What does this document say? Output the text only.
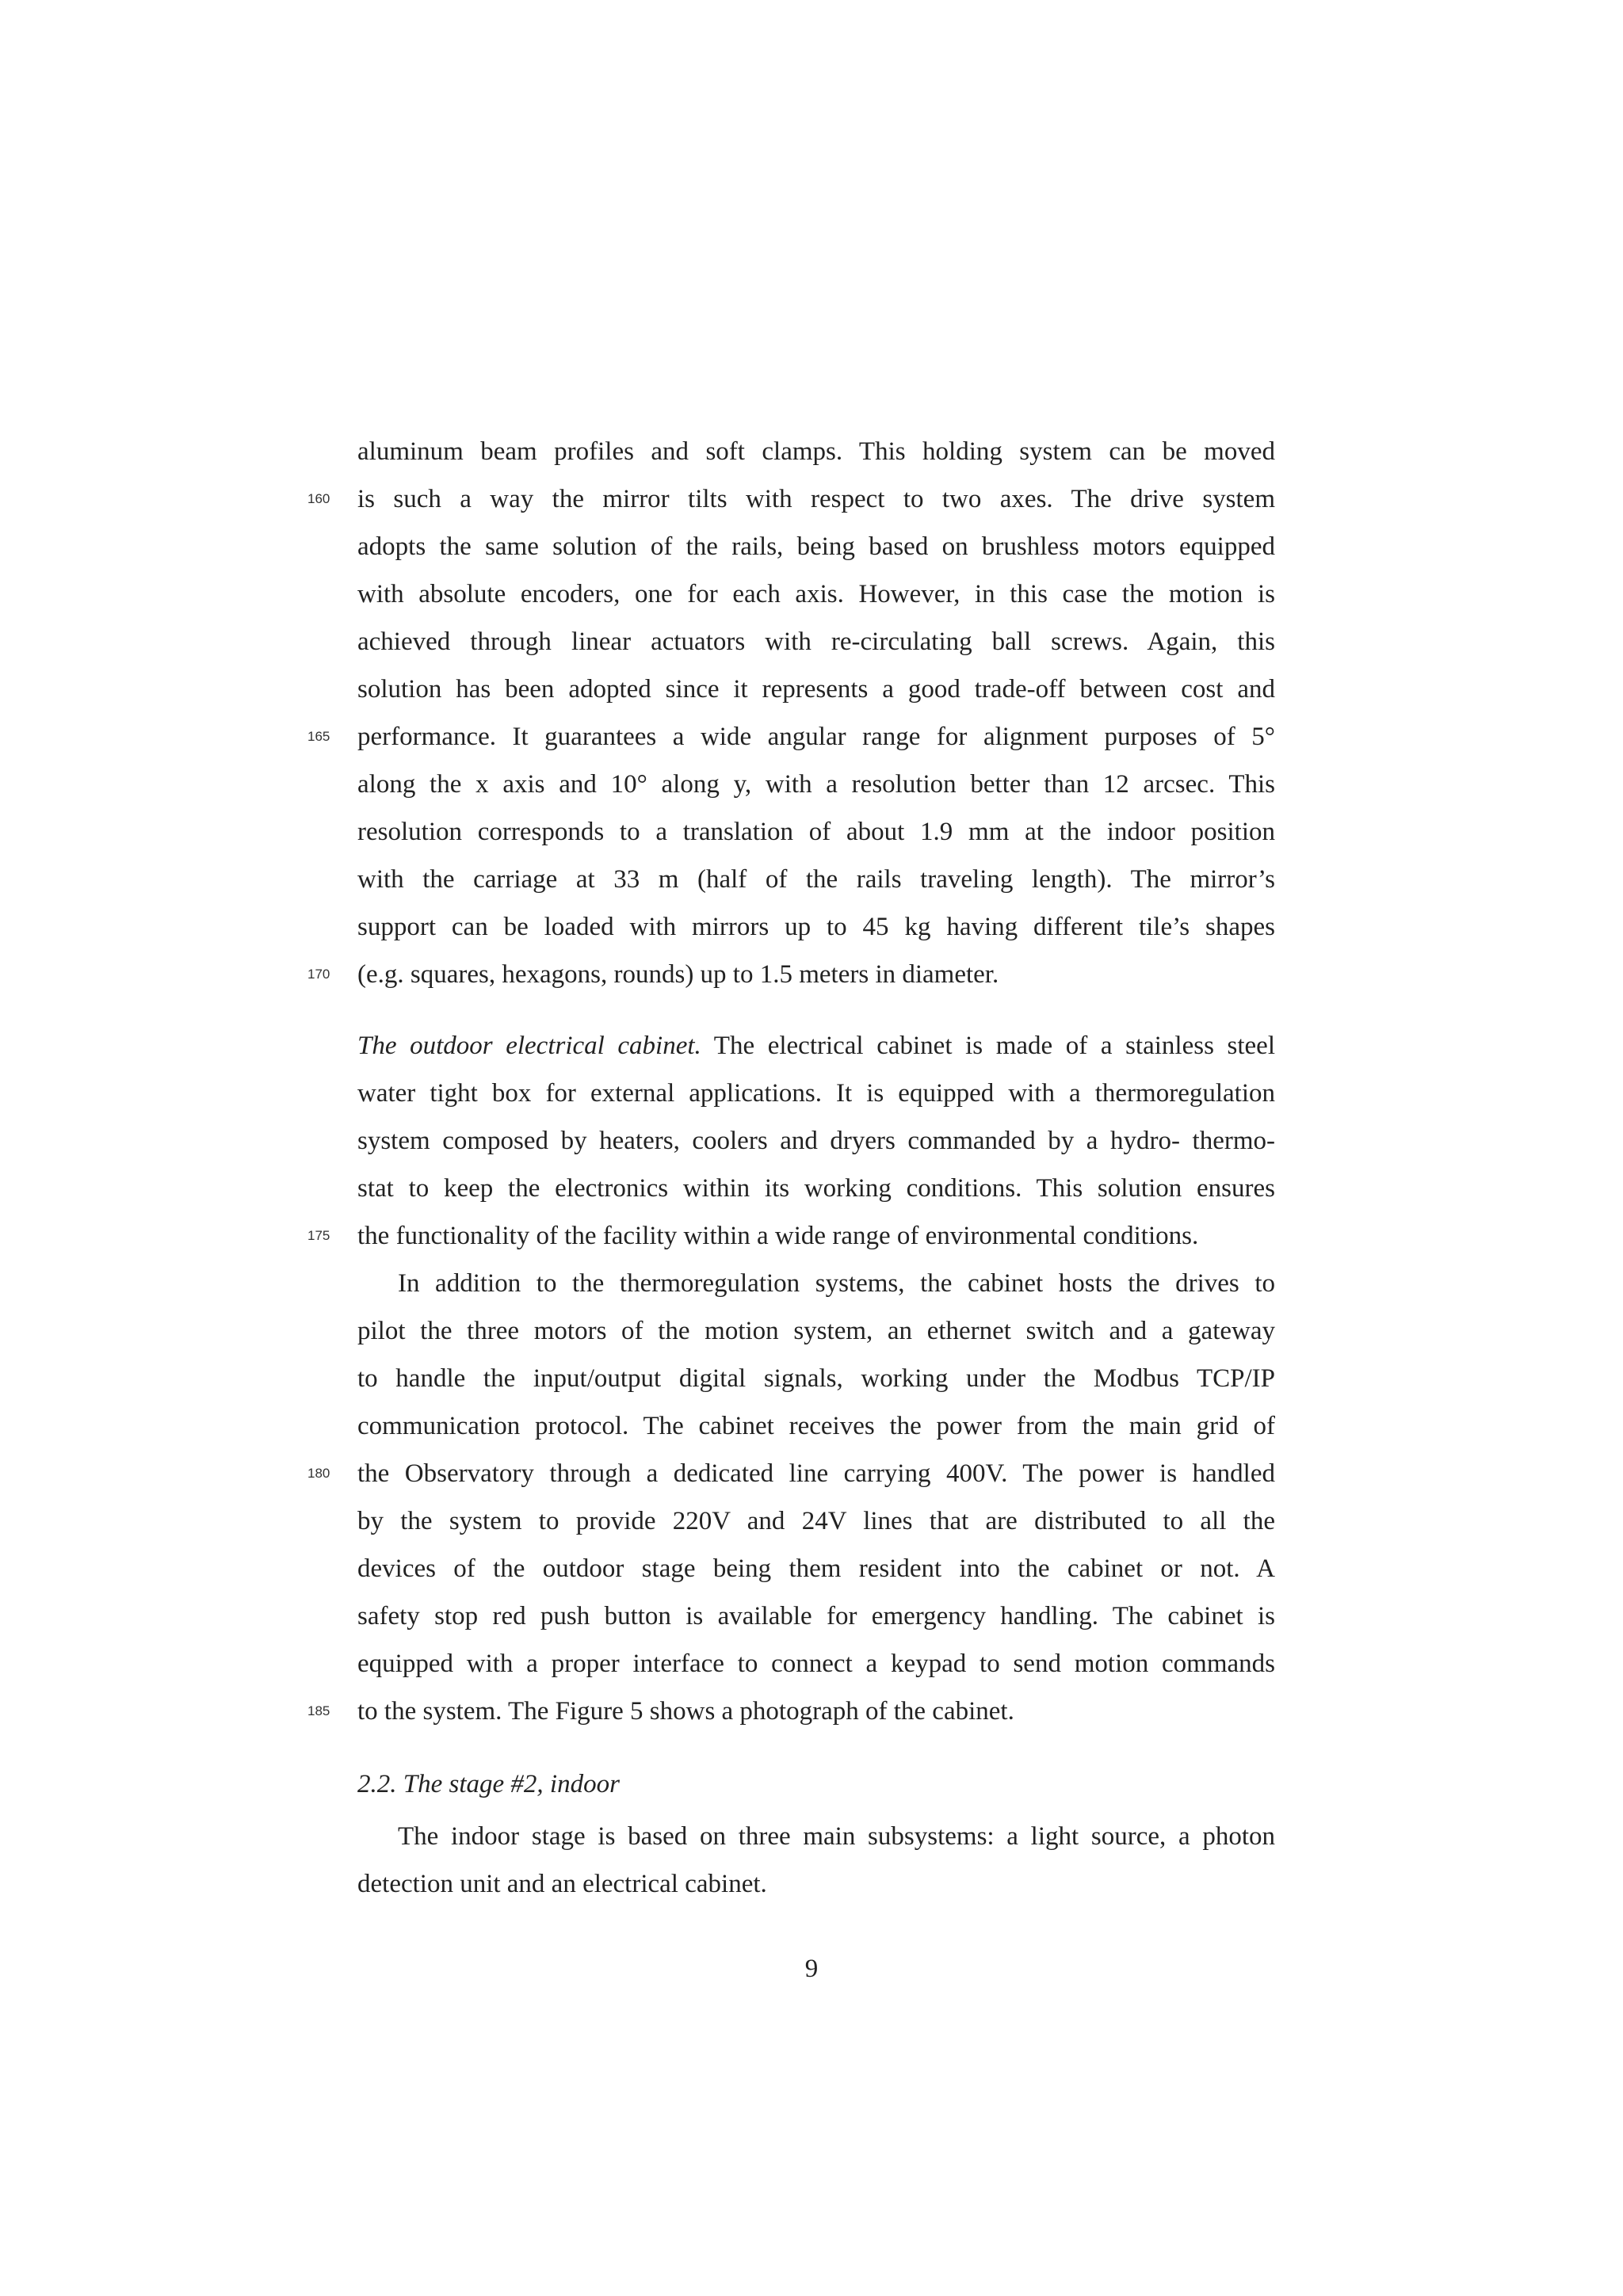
aluminum beam profiles and soft clamps. This holding system can be moved
160	is such a way the mirror tilts with respect to two axes. The drive system
adopts the same solution of the rails, being based on brushless motors equipped
with absolute encoders, one for each axis. However, in this case the motion is
achieved through linear actuators with re-circulating ball screws. Again, this
solution has been adopted since it represents a good trade-off between cost and
165	performance. It guarantees a wide angular range for alignment purposes of 5°
along the x axis and 10° along y, with a resolution better than 12 arcsec. This
resolution corresponds to a translation of about 1.9 mm at the indoor position
with the carriage at 33 m (half of the rails traveling length). The mirror’s
support can be loaded with mirrors up to 45 kg having different tile’s shapes
170	(e.g. squares, hexagons, rounds) up to 1.5 meters in diameter.
The outdoor electrical cabinet. The electrical cabinet is made of a stainless steel
water tight box for external applications. It is equipped with a thermoregulation
system composed by heaters, coolers and dryers commanded by a hydro- thermo-
stat to keep the electronics within its working conditions. This solution ensures
175	the functionality of the facility within a wide range of environmental conditions.
In addition to the thermoregulation systems, the cabinet hosts the drives to
pilot the three motors of the motion system, an ethernet switch and a gateway
to handle the input/output digital signals, working under the Modbus TCP/IP
communication protocol. The cabinet receives the power from the main grid of
180	the Observatory through a dedicated line carrying 400V. The power is handled
by the system to provide 220V and 24V lines that are distributed to all the
devices of the outdoor stage being them resident into the cabinet or not. A
safety stop red push button is available for emergency handling. The cabinet is
equipped with a proper interface to connect a keypad to send motion commands
185	to the system. The Figure 5 shows a photograph of the cabinet.
2.2. The stage #2, indoor
The indoor stage is based on three main subsystems: a light source, a photon
detection unit and an electrical cabinet.
9
